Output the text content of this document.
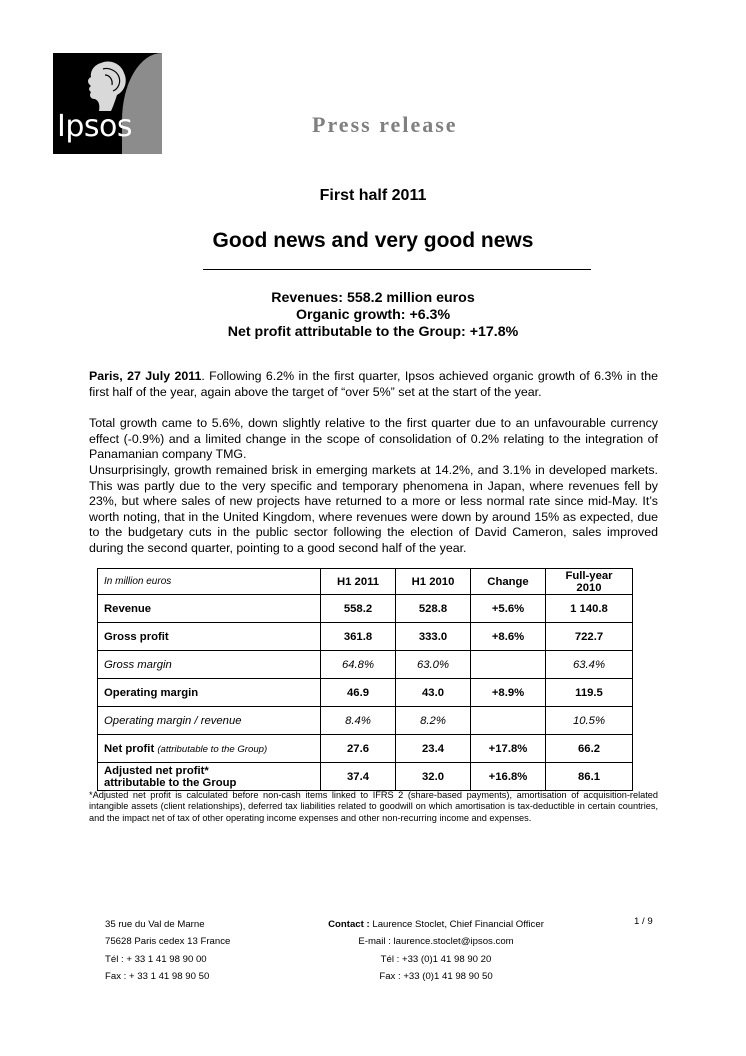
Ipsos	Press release
First half 2011
Good news and very good news
Revenues: 558.2 million euros
Organic growth: +6.3%
Net profit attributable to the Group: +17.8%

Paris, 27 July 2011. Following 6.2% in the first quarter, Ipsos achieved organic growth of 6.3% in the first half of the year, again above the target of “over 5%” set at the start of the year.

Total growth came to 5.6%, down slightly relative to the first quarter due to an unfavourable currency effect (-0.9%) and a limited change in the scope of consolidation of 0.2% relating to the integration of Panamanian company TMG.

Unsurprisingly, growth remained brisk in emerging markets at 14.2%, and 3.1% in developed markets. This was partly due to the very specific and temporary phenomena in Japan, where revenues fell by 23%, but where sales of new projects have returned to a more or less normal rate since mid-May. It’s worth noting, that in the United Kingdom, where revenues were down by around 15% as expected, due to the budgetary cuts in the public sector following the election of David Cameron, sales improved during the second quarter, pointing to a good second half of the year.

In million euros	H1 2011	H1 2010	Change	Full-year 2010
Revenue	558.2	528.8	+5.6%	1 140.8
Gross profit	361.8	333.0	+8.6%	722.7
Gross margin	64.8%	63.0%		63.4%
Operating margin	46.9	43.0	+8.9%	119.5
Operating margin / revenue	8.4%	8.2%		10.5%
Net profit (attributable to the Group)	27.6	23.4	+17.8%	66.2
Adjusted net profit*
attributable to the Group	37.4	32.0	+16.8%	86.1

*Adjusted net profit is calculated before non-cash items linked to IFRS 2 (share-based payments), amortisation of acquisition-related intangible assets (client relationships), deferred tax liabilities related to goodwill on which amortisation is tax-deductible in certain countries, and the impact net of tax of other operating income expenses and other non-recurring income and expenses.

35 rue du Val de Marne
75628 Paris cedex 13 France
Tél : + 33 1 41 98 90 00
Fax : + 33 1 41 98 90 50
Contact : Laurence Stoclet, Chief Financial Officer
E-mail : laurence.stoclet@ipsos.com
Tél : +33 (0)1 41 98 90 20
Fax : +33 (0)1 41 98 90 50
1 / 9
